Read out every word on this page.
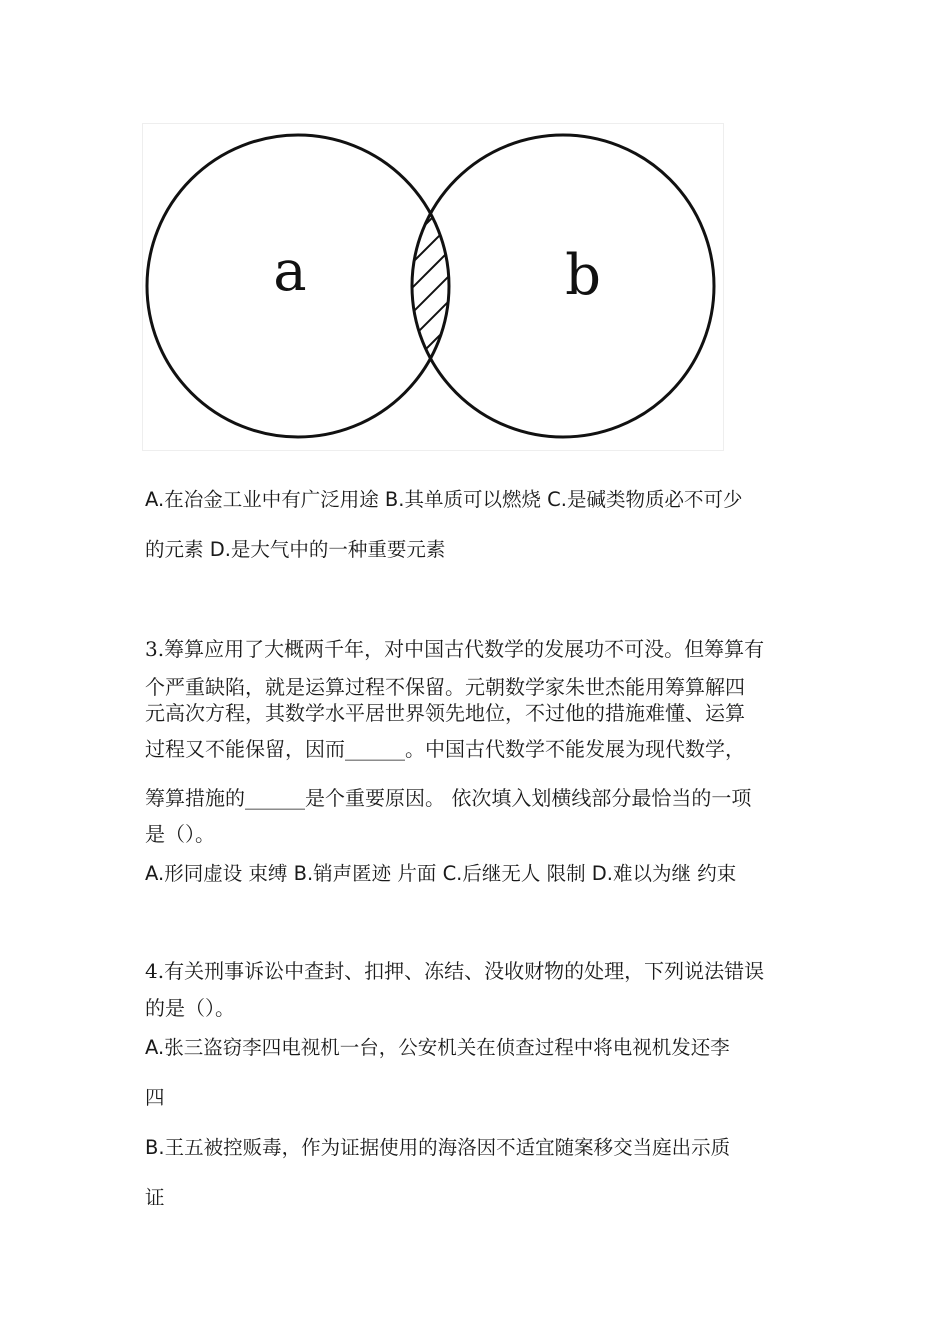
a	b
A.在冶金工业中有广泛用途 B.其单质可以燃烧 C.是碱类物质必不可少
的元素 D.是大气中的一种重要元素
3.筹算应用了大概两千年，对中国古代数学的发展功不可没。但筹算有
个严重缺陷，就是运算过程不保留。元朝数学家朱世杰能用筹算解四
元高次方程，其数学水平居世界领先地位，不过他的措施难懂、运算
过程又不能保留，因而______。中国古代数学不能发展为现代数学，
筹算措施的______是个重要原因。 依次填入划横线部分最恰当的一项
是（）。
A.形同虚设 束缚 B.销声匿迹 片面 C.后继无人 限制 D.难以为继 约束
4.有关刑事诉讼中查封、扣押、冻结、没收财物的处理，下列说法错误
的是（）。
A.张三盗窃李四电视机一台，公安机关在侦查过程中将电视机发还李
四
B.王五被控贩毒，作为证据使用的海洛因不适宜随案移交当庭出示质
证
